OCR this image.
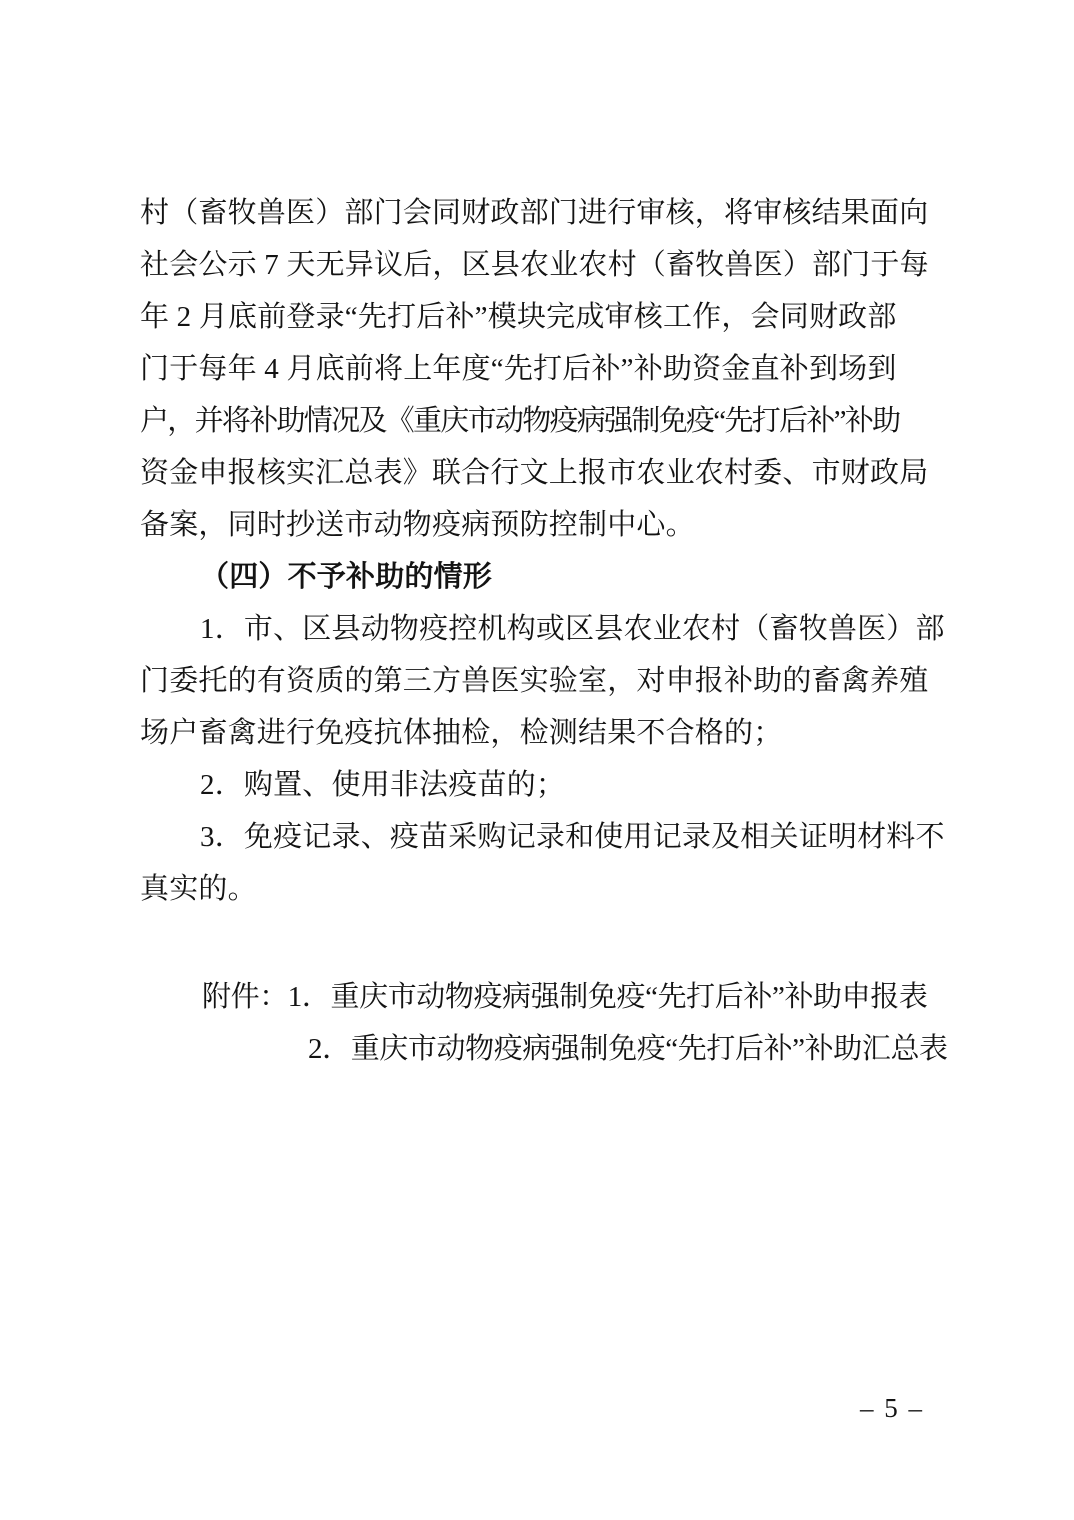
村（畜牧兽医）部门会同财政部门进行审核，将审核结果面向
社会公示 7 天无异议后，区县农业农村（畜牧兽医）部门于每
年 2 月底前登录“先打后补”模块完成审核工作，会同财政部
门于每年 4 月底前将上年度“先打后补”补助资金直补到场到
户，并将补助情况及《重庆市动物疫病强制免疫“先打后补”补助
资金申报核实汇总表》联合行文上报市农业农村委、市财政局
备案，同时抄送市动物疫病预防控制中心。
（四）不予补助的情形
1．市、区县动物疫控机构或区县农业农村（畜牧兽医）部
门委托的有资质的第三方兽医实验室，对申报补助的畜禽养殖
场户畜禽进行免疫抗体抽检，检测结果不合格的；
2．购置、使用非法疫苗的；
3．免疫记录、疫苗采购记录和使用记录及相关证明材料不
真实的。
附件：1．重庆市动物疫病强制免疫“先打后补”补助申报表
2．重庆市动物疫病强制免疫“先打后补”补助汇总表
– 5 –
